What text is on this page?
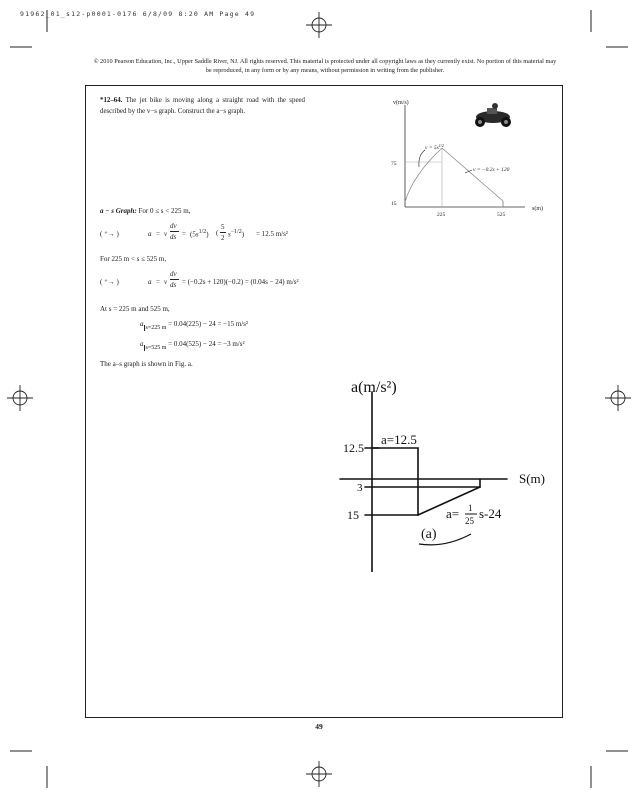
91962_01_s12-p0001-0176 6/8/09 8:20 AM Page 49
© 2010 Pearson Education, Inc., Upper Saddle River, NJ. All rights reserved. This material is protected under all copyright laws as they currently exist. No portion of this material may be reproduced, in any form or by any means, without permission in writing from the publisher.
*12–64. The jet bike is moving along a straight road with the speed described by the v−s graph. Construct the a−s graph.
v(m/s)
s(m)
75
15
225	525
$v = 5s^{1/2}$
v = −0.2s + 120
a − s Graph: For 0 ≤ s < 225 m,
( ⁺→ )	a = v
dv
ds = $(5s^{1/2})$ (
5
2 $s^{-1/2}) = 12.5$ m/s²
For 225 m < s ≤ 525 m,
( ⁺→ )	a = v
dv
ds = (−0.2s + 120)(−0.2) = (0.04s − 24) m/s²
At s = 225 m and 525 m,
a s=225 m = 0.04(225) − 24 = −15 m/s²
a s=525 m = 0.04(525) − 24 = −3 m/s²
The a–s graph is shown in Fig. a.
a(m/s²)
S(m)
12.5
3
15
a=12.5
a= 1
25 s-24
(a)
49
